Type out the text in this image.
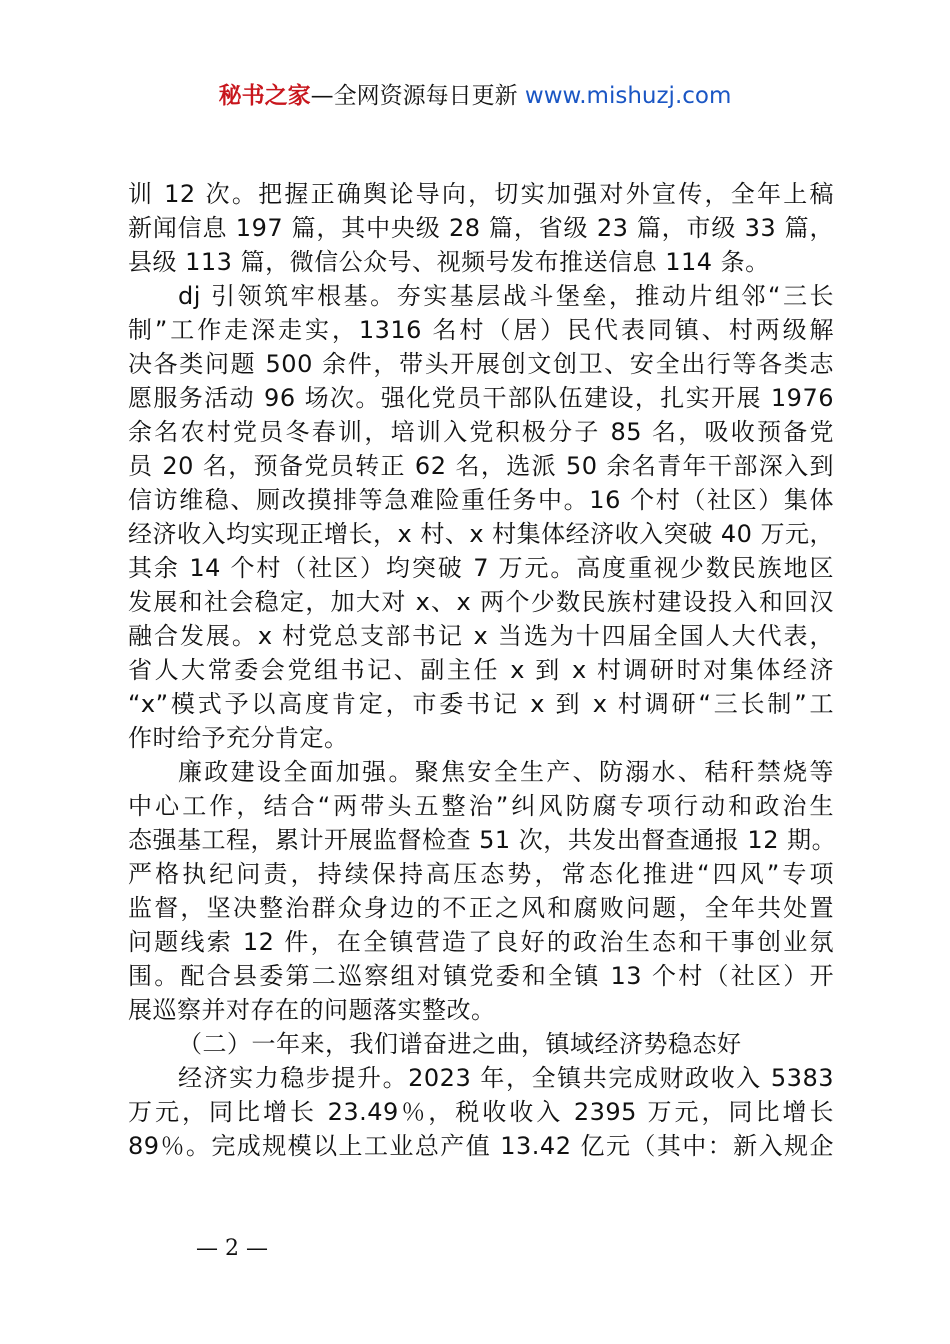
秘书之家—全网资源每日更新 www.mishuzj.com
训 12 次。把握正确舆论导向，切实加强对外宣传，全年上稿
新闻信息 197 篇，其中央级 28 篇，省级 23 篇，市级 33 篇，
县级 113 篇，微信公众号、视频号发布推送信息 114 条。
dj 引领筑牢根基。夯实基层战斗堡垒，推动片组邻“三长
制”工作走深走实，1316 名村（居）民代表同镇、村两级解
决各类问题 500 余件，带头开展创文创卫、安全出行等各类志
愿服务活动 96 场次。强化党员干部队伍建设，扎实开展 1976
余名农村党员冬春训，培训入党积极分子 85 名，吸收预备党
员 20 名，预备党员转正 62 名，选派 50 余名青年干部深入到
信访维稳、厕改摸排等急难险重任务中。16 个村（社区）集体
经济收入均实现正增长，x 村、x 村集体经济收入突破 40 万元，
其余 14 个村（社区）均突破 7 万元。高度重视少数民族地区
发展和社会稳定，加大对 x、x 两个少数民族村建设投入和回汉
融合发展。x 村党总支部书记 x 当选为十四届全国人大代表，
省人大常委会党组书记、副主任 x 到 x 村调研时对集体经济
“x”模式予以高度肯定，市委书记 x 到 x 村调研“三长制”工
作时给予充分肯定。
廉政建设全面加强。聚焦安全生产、防溺水、秸秆禁烧等
中心工作，结合“两带头五整治”纠风防腐专项行动和政治生
态强基工程，累计开展监督检查 51 次，共发出督查通报 12 期。
严格执纪问责，持续保持高压态势，常态化推进“四风”专项
监督，坚决整治群众身边的不正之风和腐败问题，全年共处置
问题线索 12 件，在全镇营造了良好的政治生态和干事创业氛
围。配合县委第二巡察组对镇党委和全镇 13 个村（社区）开
展巡察并对存在的问题落实整改。
（二）一年来，我们谱奋进之曲，镇域经济势稳态好
经济实力稳步提升。2023 年，全镇共完成财政收入 5383
万元，同比增长 23.49％，税收收入 2395 万元，同比增长
89％。完成规模以上工业总产值 13.42 亿元（其中：新入规企
— 2 —
